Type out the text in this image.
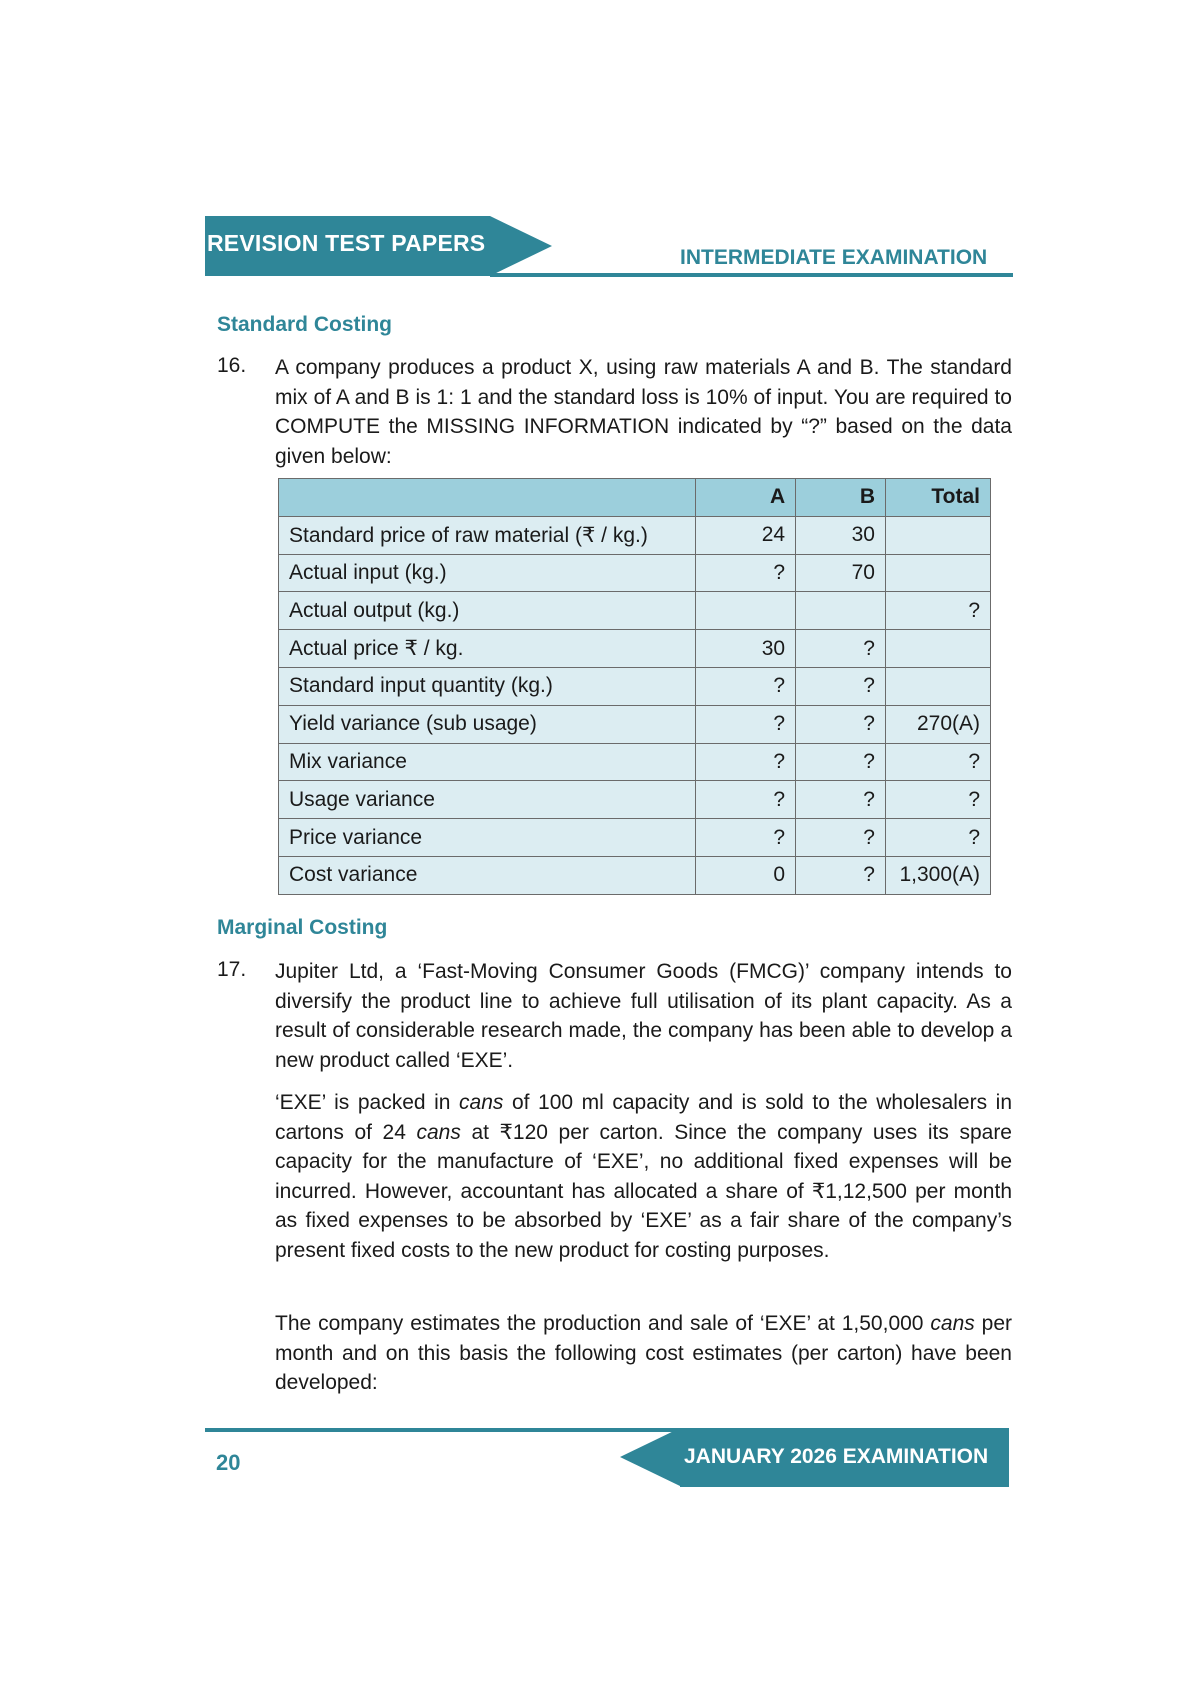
REVISION TEST PAPERS
INTERMEDIATE EXAMINATION
Standard Costing
16. A company produces a product X, using raw materials A and B. The standard mix of A and B is 1: 1 and the standard loss is 10% of input. You are required to COMPUTE the MISSING INFORMATION indicated by “?” based on the data given below:
	A	B	Total
Standard price of raw material (₹ / kg.)	24	30	
Actual input (kg.)	?	70	
Actual output (kg.)			?
Actual price ₹ / kg.	30	?	
Standard input quantity (kg.)	?	?	
Yield variance (sub usage)	?	?	270(A)
Mix variance	?	?	?
Usage variance	?	?	?
Price variance	?	?	?
Cost variance	0	?	1,300(A)
Marginal Costing
17. Jupiter Ltd, a ‘Fast-Moving Consumer Goods (FMCG)’ company intends to diversify the product line to achieve full utilisation of its plant capacity. As a result of considerable research made, the company has been able to develop a new product called ‘EXE’.
‘EXE’ is packed in cans of 100 ml capacity and is sold to the wholesalers in cartons of 24 cans at ₹120 per carton. Since the company uses its spare capacity for the manufacture of ‘EXE’, no additional fixed expenses will be incurred. However, accountant has allocated a share of ₹1,12,500 per month as fixed expenses to be absorbed by ‘EXE’ as a fair share of the company’s present fixed costs to the new product for costing purposes.
The company estimates the production and sale of ‘EXE’ at 1,50,000 cans per month and on this basis the following cost estimates (per carton) have been developed:
JANUARY 2026 EXAMINATION
20
